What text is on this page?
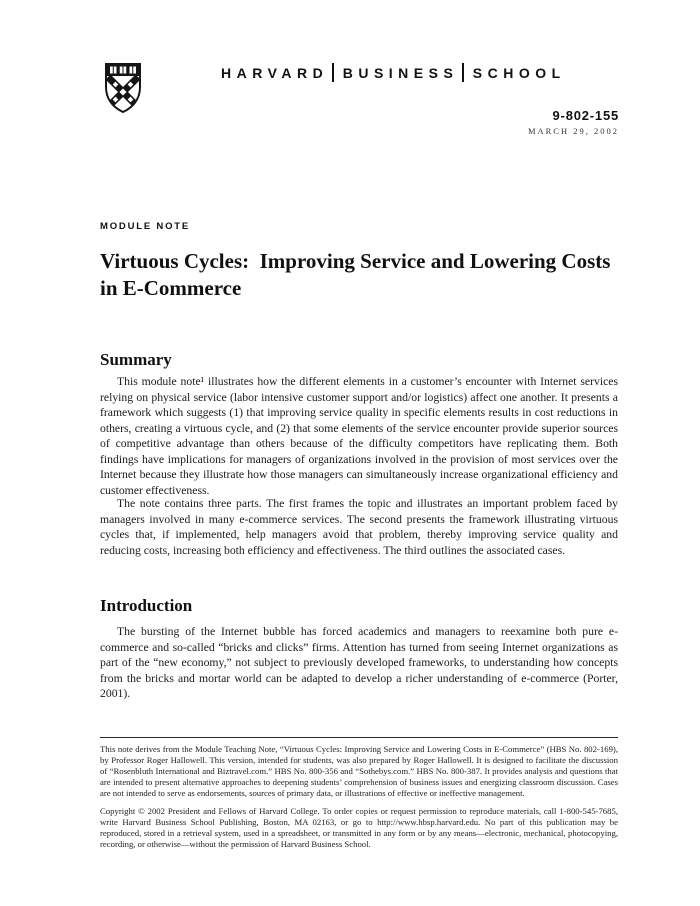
HARVARD BUSINESS SCHOOL
9-802-155
MARCH 29, 2002
MODULE NOTE
Virtuous Cycles:  Improving Service and Lowering Costs in E-Commerce
Summary

This module note¹ illustrates how the different elements in a customer’s encounter with Internet services relying on physical service (labor intensive customer support and/or logistics) affect one another. It presents a framework which suggests (1) that improving service quality in specific elements results in cost reductions in others, creating a virtuous cycle, and (2) that some elements of the service encounter provide superior sources of competitive advantage than others because of the difficulty competitors have replicating them. Both findings have implications for managers of organizations involved in the provision of most services over the Internet because they illustrate how those managers can simultaneously increase organizational efficiency and customer effectiveness.

The note contains three parts. The first frames the topic and illustrates an important problem faced by managers involved in many e-commerce services. The second presents the framework illustrating virtuous cycles that, if implemented, help managers avoid that problem, thereby improving service quality and reducing costs, increasing both efficiency and effectiveness. The third outlines the associated cases.

Introduction

The bursting of the Internet bubble has forced academics and managers to reexamine both pure e-commerce and so-called “bricks and clicks” firms. Attention has turned from seeing Internet organizations as part of the “new economy,” not subject to previously developed frameworks, to understanding how concepts from the bricks and mortar world can be adapted to develop a richer understanding of e-commerce (Porter, 2001).

This note derives from the Module Teaching Note, “Virtuous Cycles: Improving Service and Lowering Costs in E-Commerce” (HBS No. 802-169), by Professor Roger Hallowell. This version, intended for students, was also prepared by Roger Hallowell. It is designed to facilitate the discussion of “Rosenbluth International and Biztravel.com.” HBS No. 800-356 and “Sothebys.com.” HBS No. 800-387. It provides analysis and questions that are intended to present alternative approaches to deepening students’ comprehension of business issues and energizing classroom discussion. Cases are not intended to serve as endorsements, sources of primary data, or illustrations of effective or ineffective management.

Copyright © 2002 President and Fellows of Harvard College. To order copies or request permission to reproduce materials, call 1-800-545-7685, write Harvard Business School Publishing, Boston, MA 02163, or go to http://www.hbsp.harvard.edu. No part of this publication may be reproduced, stored in a retrieval system, used in a spreadsheet, or transmitted in any form or by any means—electronic, mechanical, photocopying, recording, or otherwise—without the permission of Harvard Business School.
